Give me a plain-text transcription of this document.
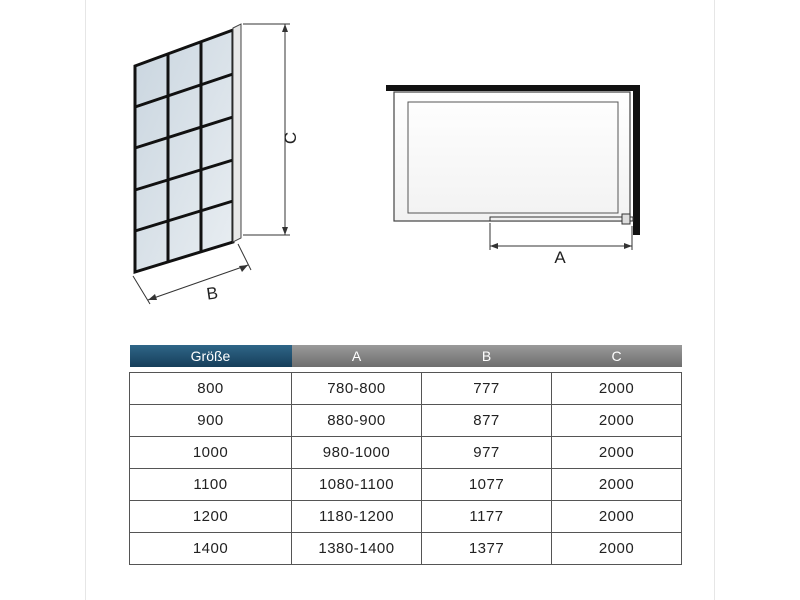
C
B
A
Größe	A	B	C

800	780-800	777	2000
900	880-900	877	2000
1000	980-1000	977	2000
1100	1080-1100	1077	2000
1200	1180-1200	1177	2000
1400	1380-1400	1377	2000
